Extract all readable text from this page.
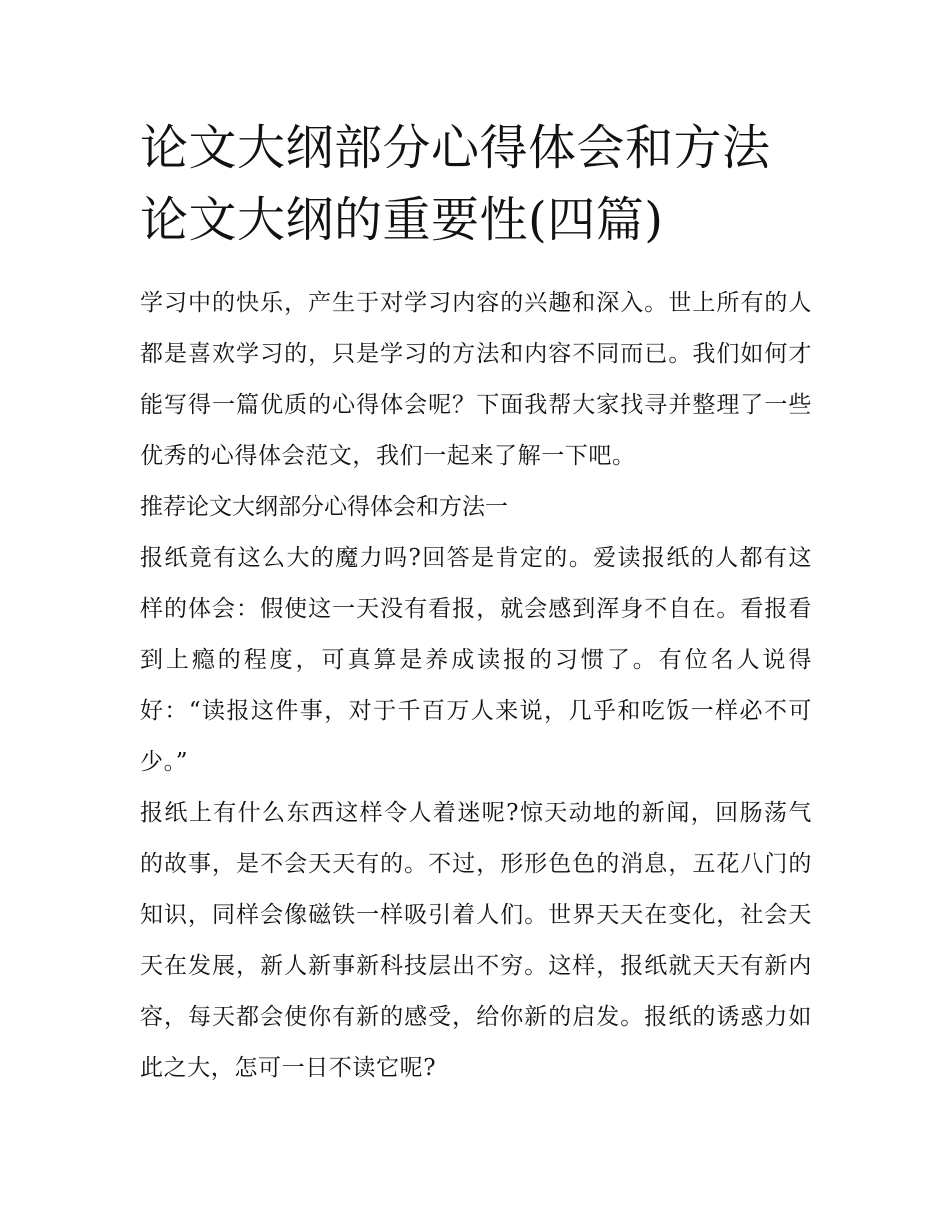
论文大纲部分心得体会和方法
论文大纲的重要性(四篇)

学习中的快乐，产生于对学习内容的兴趣和深入。世上所有的人都是喜欢学习的，只是学习的方法和内容不同而已。我们如何才能写得一篇优质的心得体会呢？下面我帮大家找寻并整理了一些优秀的心得体会范文，我们一起来了解一下吧。

推荐论文大纲部分心得体会和方法一

报纸竟有这么大的魔力吗?回答是肯定的。爱读报纸的人都有这样的体会：假使这一天没有看报，就会感到浑身不自在。看报看到上瘾的程度，可真算是养成读报的习惯了。有位名人说得好：“读报这件事，对于千百万人来说，几乎和吃饭一样必不可少。”

报纸上有什么东西这样令人着迷呢?惊天动地的新闻，回肠荡气的故事，是不会天天有的。不过，形形色色的消息，五花八门的知识，同样会像磁铁一样吸引着人们。世界天天在变化，社会天天在发展，新人新事新科技层出不穷。这样，报纸就天天有新内容，每天都会使你有新的感受，给你新的启发。报纸的诱惑力如此之大，怎可一日不读它呢?
